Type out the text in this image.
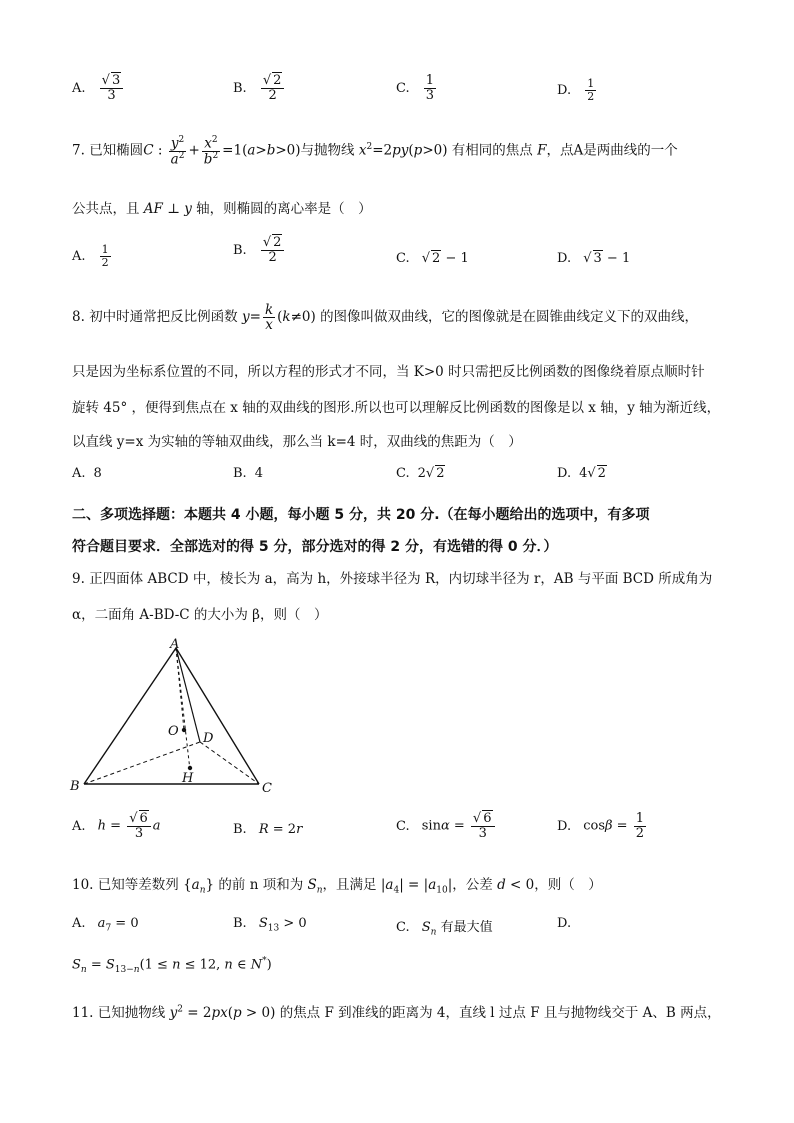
A. $\frac{√ 3}{3}$	B. $\frac{√ 2}{2}$	C. $\frac{1}{3}$	D. $\frac{1}{2}$
7. 已知椭圆C : $\frac{y^2}{a^2} + \frac{x^2}{b^2} =1(a>b>0)$与抛物线 $x^2=2py(p>0)$ 有相同的焦点 F，点A是两曲线的一个
公共点，且 AF ⊥ y 轴，则椭圆的离心率是（　）
A. $\frac{1}{2}$	B. $\frac{√ 2}{2}$	C. √ 2 − 1	D. √ 3 − 1
8. 初中时通常把反比例函数 $y= \frac{k}{x} (k\ne 0)$ 的图像叫做双曲线，它的图像就是在圆锥曲线定义下的双曲线，
只是因为坐标系位置的不同，所以方程的形式才不同，当 K>0 时只需把反比例函数的图像绕着原点顺时针
旋转 45° ，便得到焦点在 x 轴的双曲线的图形.所以也可以理解反比例函数的图像是以 x 轴，y 轴为渐近线，
以直线 y=x 为实轴的等轴双曲线，那么当 k=4 时，双曲线的焦距为（　）
A. 8	B. 4	C. 2√ 2	D. 4√ 2
二、多项选择题：本题共 4 小题，每小题 5 分，共 20 分.（在每小题给出的选项中，有多项
符合题目要求．全部选对的得 5 分，部分选对的得 2 分，有选错的得 0 分．）
9. 正四面体 ABCD 中，棱长为 a，高为 h，外接球半径为 R，内切球半径为 r，AB 与平面 BCD 所成角为
α，二面角 A-BD-C 的大小为 β，则（　）
A
B	C
D
O
H
A. $h = \frac{√ 6}{3}$ a	B. R = 2r	C. $\sin\alpha = \frac{√ 6}{3}$	D. $\cos\beta = \frac{1}{2}$
10. 已知等差数列 $\{a_n\}$ 的前 n 项和为 $S_n$，且满足 $|a_4| = |a_{10}|$，公差 d < 0，则（　）
A. $a_7 = 0$	B. $S_{13} > 0$	C. $S_n$ 有最大值	D.
$S_n = S_{13-n}(1 \le n \le 12$, n ∈ N*)
11. 已知抛物线 $y^2 = 2px(p > 0)$ 的焦点 F 到准线的距离为 4，直线 l 过点 F 且与抛物线交于 A、B 两点，
